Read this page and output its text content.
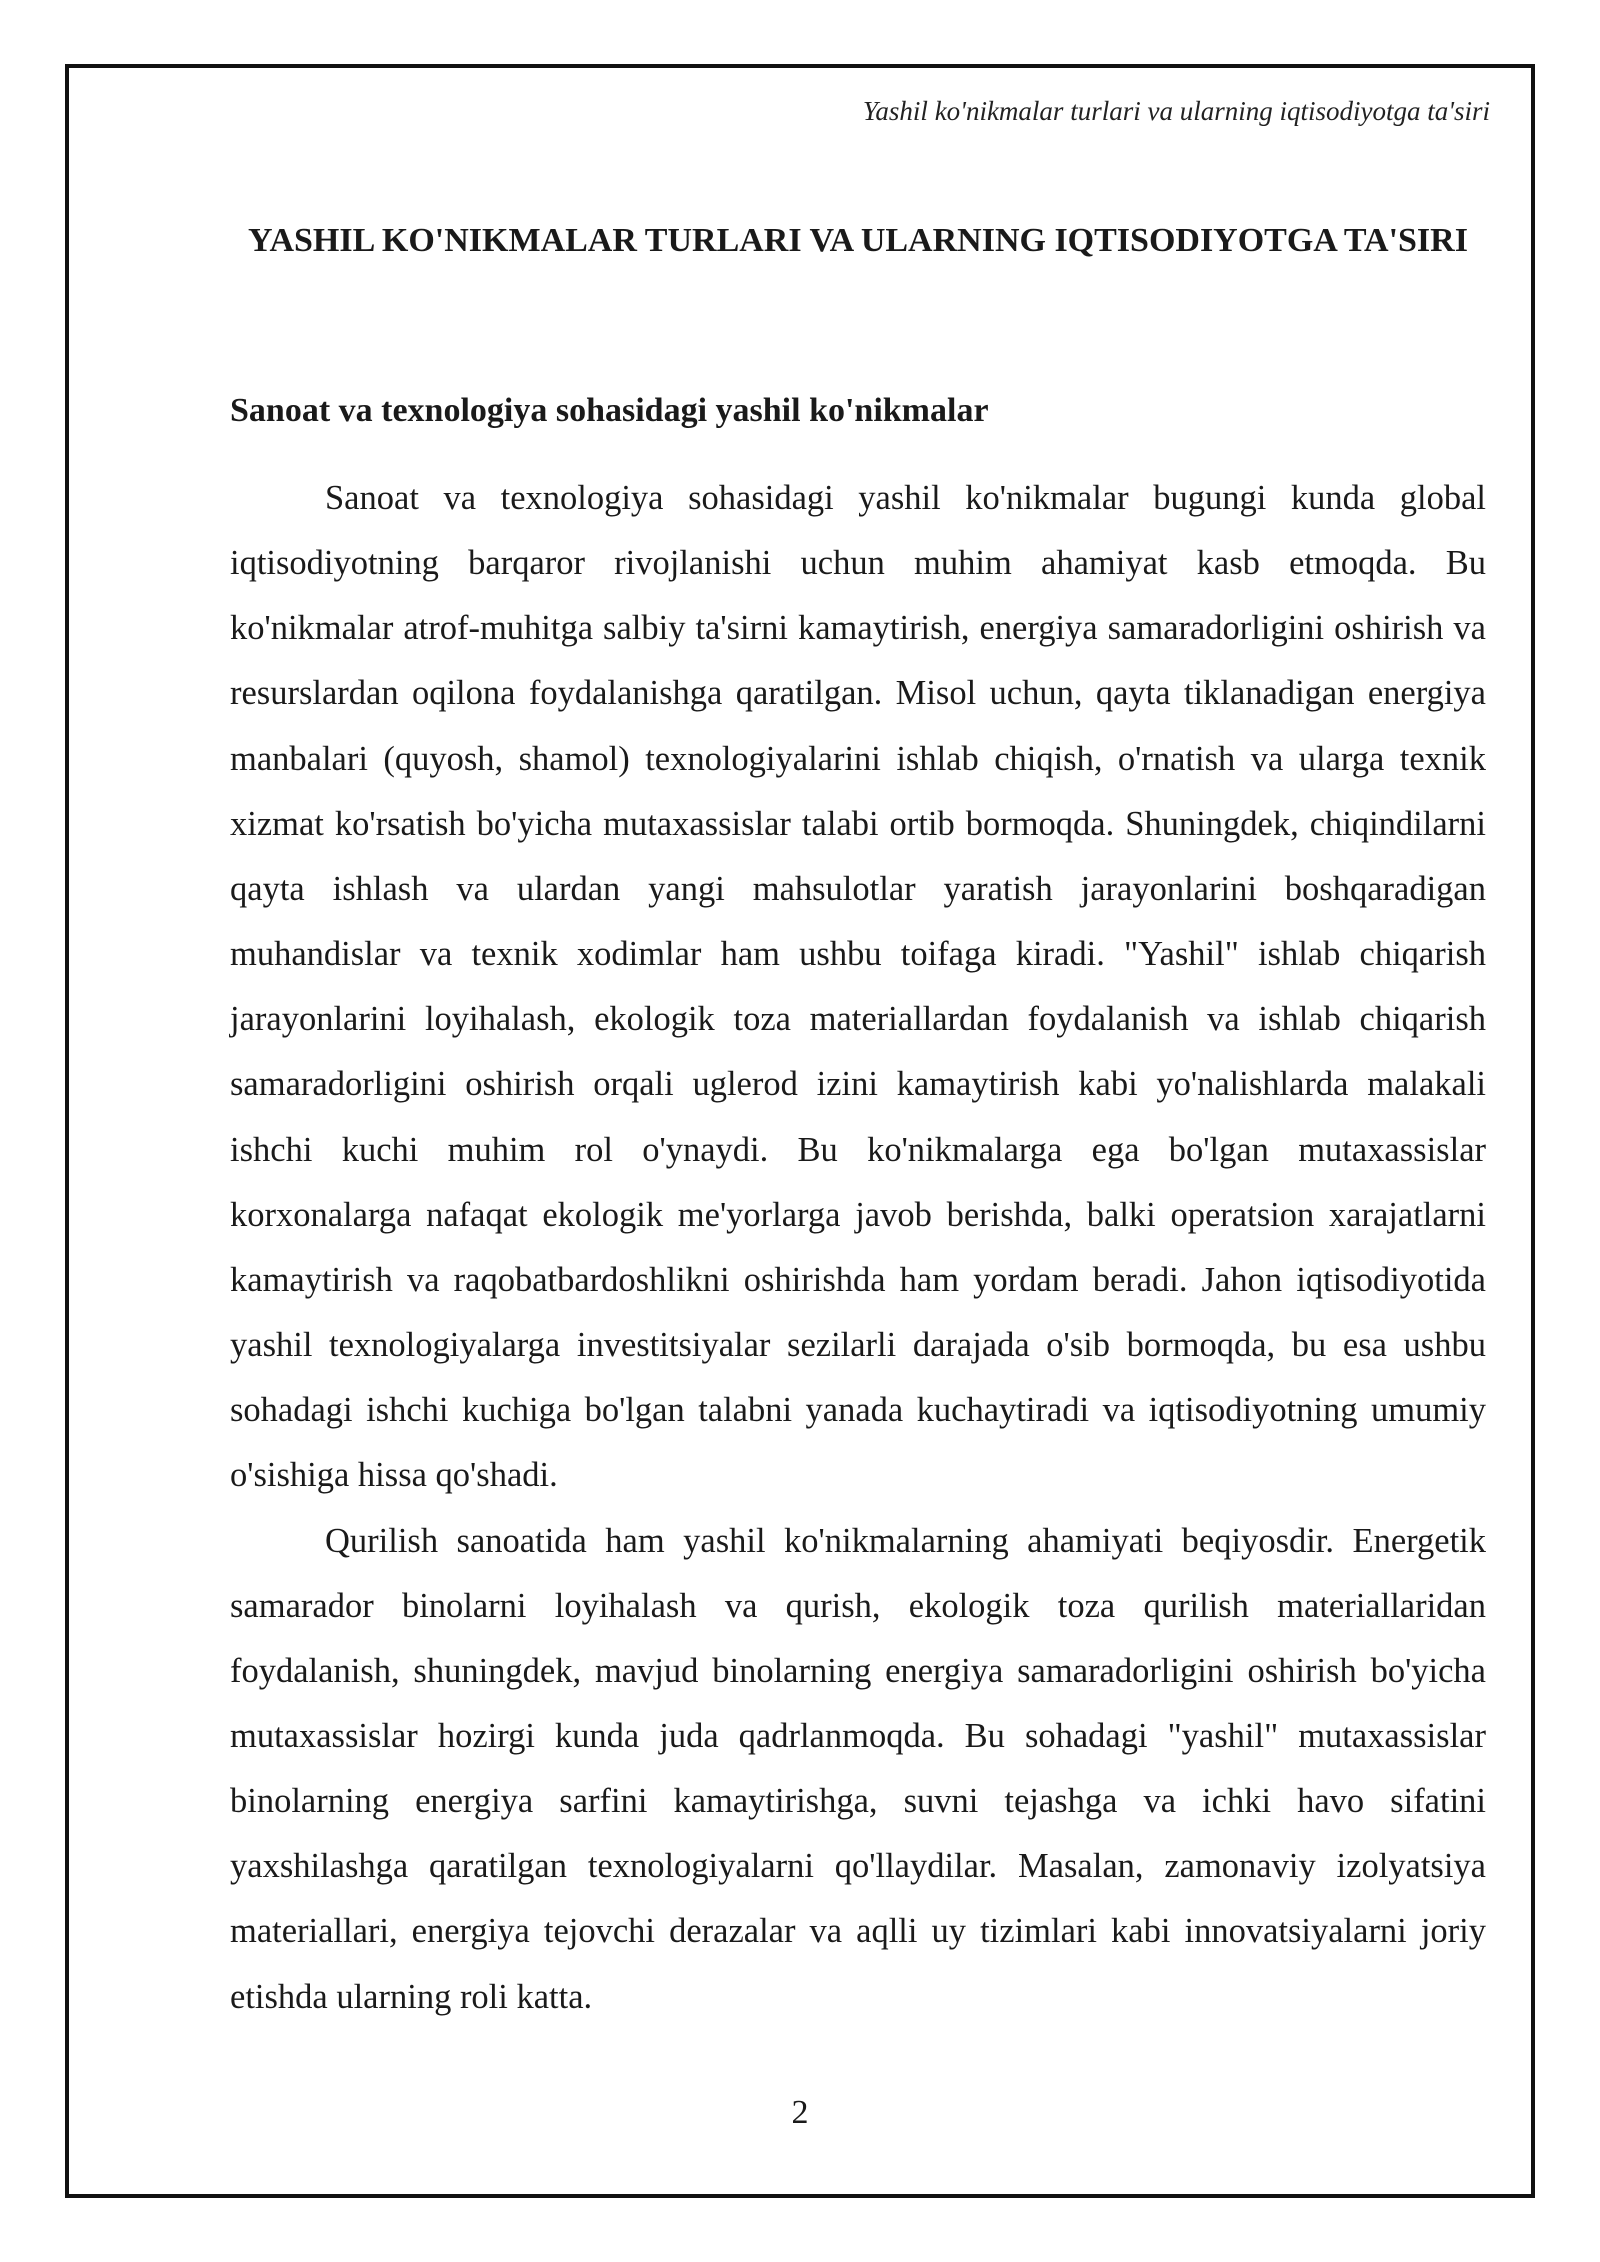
Yashil ko'nikmalar turlari va ularning iqtisodiyotga ta'siri
YASHIL KO'NIKMALAR TURLARI VA ULARNING IQTISODIYOTGA TA'SIRI
Sanoat va texnologiya sohasidagi yashil ko'nikmalar

Sanoat va texnologiya sohasidagi yashil ko'nikmalar bugungi kunda global iqtisodiyotning barqaror rivojlanishi uchun muhim ahamiyat kasb etmoqda. Bu ko'nikmalar atrof-muhitga salbiy ta'sirni kamaytirish, energiya samaradorligini oshirish va resurslardan oqilona foydalanishga qaratilgan. Misol uchun, qayta tiklanadigan energiya manbalari (quyosh, shamol) texnologiyalarini ishlab chiqish, o'rnatish va ularga texnik xizmat ko'rsatish bo'yicha mutaxassislar talabi ortib bormoqda. Shuningdek, chiqindilarni qayta ishlash va ulardan yangi mahsulotlar yaratish jarayonlarini boshqaradigan muhandislar va texnik xodimlar ham ushbu toifaga kiradi. "Yashil" ishlab chiqarish jarayonlarini loyihalash, ekologik toza materiallardan foydalanish va ishlab chiqarish samaradorligini oshirish orqali uglerod izini kamaytirish kabi yo'nalishlarda malakali ishchi kuchi muhim rol o'ynaydi. Bu ko'nikmalarga ega bo'lgan mutaxassislar korxonalarga nafaqat ekologik me'yorlarga javob berishda, balki operatsion xarajatlarni kamaytirish va raqobatbardoshlikni oshirishda ham yordam beradi. Jahon iqtisodiyotida yashil texnologiyalarga investitsiyalar sezilarli darajada o'sib bormoqda, bu esa ushbu sohadagi ishchi kuchiga bo'lgan talabni yanada kuchaytiradi va iqtisodiyotning umumiy o'sishiga hissa qo'shadi.

Qurilish sanoatida ham yashil ko'nikmalarning ahamiyati beqiyosdir. Energetik samarador binolarni loyihalash va qurish, ekologik toza qurilish materiallaridan foydalanish, shuningdek, mavjud binolarning energiya samaradorligini oshirish bo'yicha mutaxassislar hozirgi kunda juda qadrlanmoqda. Bu sohadagi "yashil" mutaxassislar binolarning energiya sarfini kamaytirishga, suvni tejashga va ichki havo sifatini yaxshilashga qaratilgan texnologiyalarni qo'llaydilar. Masalan, zamonaviy izolyatsiya materiallari, energiya tejovchi derazalar va aqlli uy tizimlari kabi innovatsiyalarni joriy etishda ularning roli katta.

2
